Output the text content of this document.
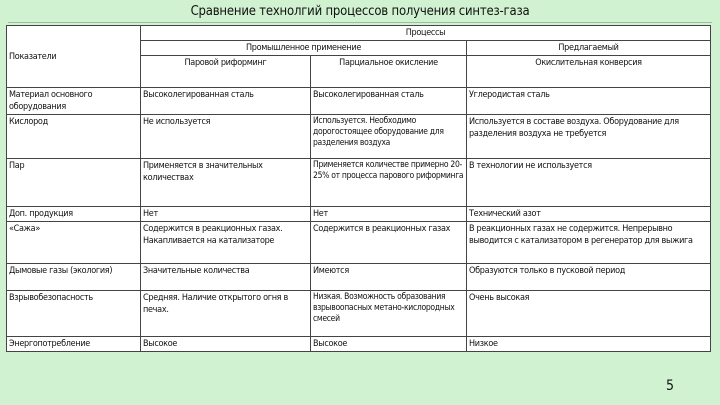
Сравнение технолгий процессов получения синтез-газа
Показатели	Процессы		
	Промышленное применение		Предлагаемый
	Паровой риформинг	Парциальное окисление	Окислительная конверсия
Материал основного оборудования	Высоколегированная сталь	Высоколегированная сталь	Углеродистая сталь
Кислород	Не используется	Используется. Необходимо дорогостоящее оборудование для разделения воздуха	Используется в составе воздуха. Оборудование для разделения воздуха не требуется
Пар	Применяется в значительных количествах	Применяется количестве примерно 20-25% от процесса парового риформинга	В технологии не используется
Доп. продукция	Нет	Нет	Технический азот
«Сажа»	Содержится в реакционных газах. Накапливается на катализаторе	Содержится в реакционных газах	В реакционных газах не содержится. Непрерывно выводится с катализатором в регенератор для выжига
Дымовые газы (экология)	Значительные количества	Имеются	Образуются только в пусковой период
Взрывобезопасность	Средняя. Наличие открытого огня в печах.	Низкая. Возможность образования взрывоопасных метано-кислородных смесей	Очень высокая
Энергопотребление	Высокое	Высокое	Низкое
5
